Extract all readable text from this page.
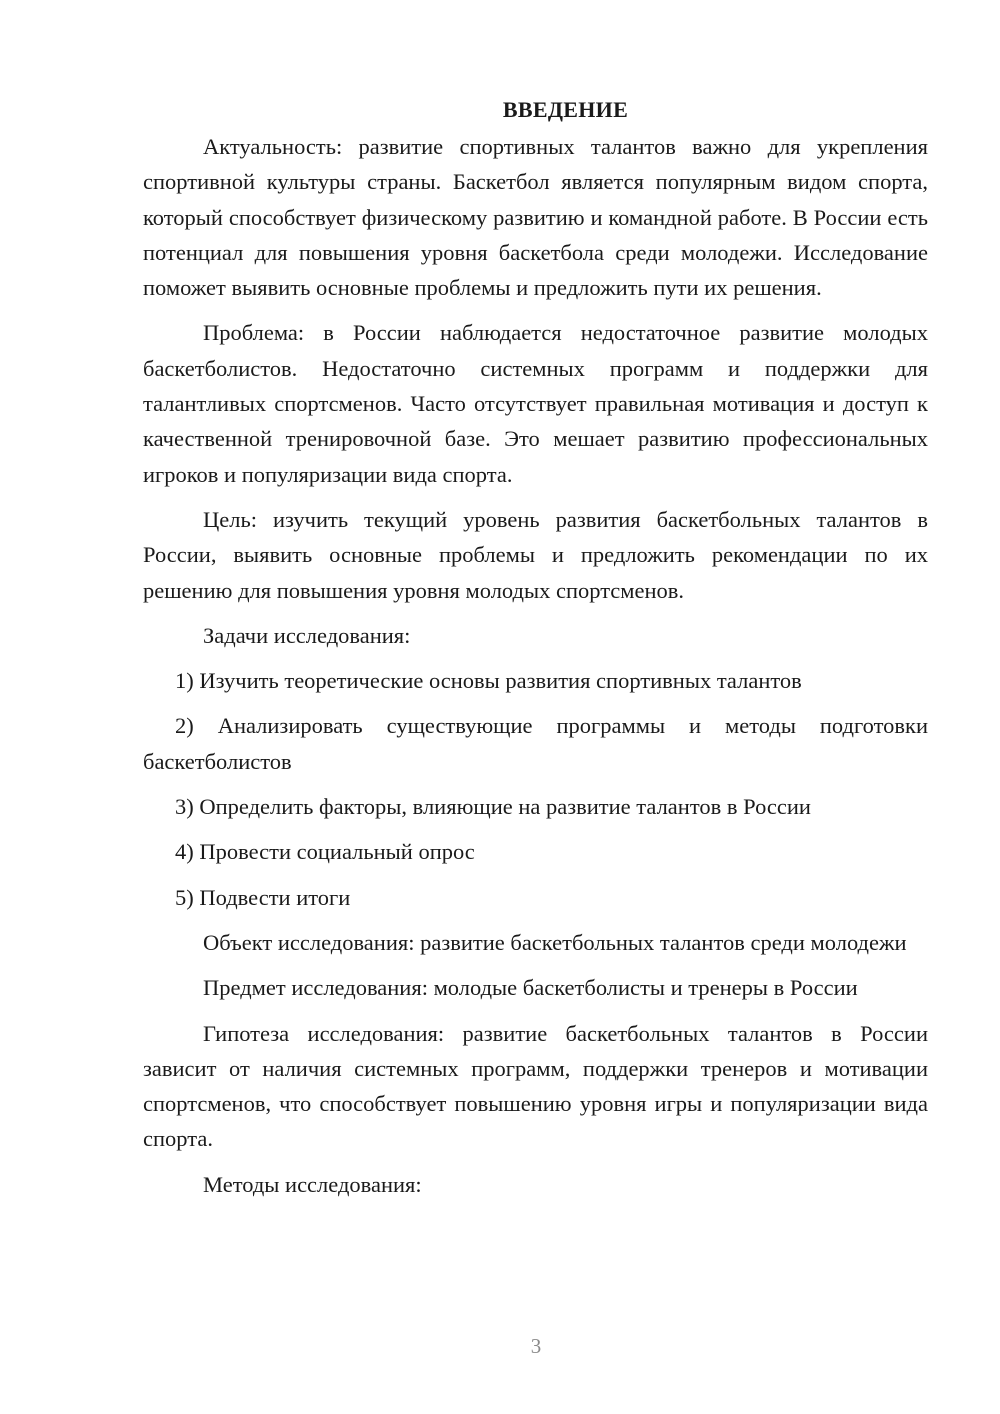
ВВЕДЕНИЕ

Актуальность: развитие спортивных талантов важно для укрепления спортивной культуры страны. Баскетбол является популярным видом спорта, который способствует физическому развитию и командной работе. В России есть потенциал для повышения уровня баскетбола среди молодежи. Исследование поможет выявить основные проблемы и предложить пути их решения.

Проблема: в России наблюдается недостаточное развитие молодых баскетболистов. Недостаточно системных программ и поддержки для талантливых спортсменов. Часто отсутствует правильная мотивация и доступ к качественной тренировочной базе. Это мешает развитию профессиональных игроков и популяризации вида спорта.

Цель: изучить текущий уровень развития баскетбольных талантов в России, выявить основные проблемы и предложить рекомендации по их решению для повышения уровня молодых спортсменов.

Задачи исследования:

1) Изучить теоретические основы развития спортивных талантов

2) Анализировать существующие программы и методы подготовки баскетболистов

3) Определить факторы, влияющие на развитие талантов в России

4) Провести социальный опрос

5) Подвести итоги

Объект исследования: развитие баскетбольных талантов среди молодежи

Предмет исследования: молодые баскетболисты и тренеры в России

Гипотеза исследования: развитие баскетбольных талантов в России зависит от наличия системных программ, поддержки тренеров и мотивации спортсменов, что способствует повышению уровня игры и популяризации вида спорта.

Методы исследования:

3
